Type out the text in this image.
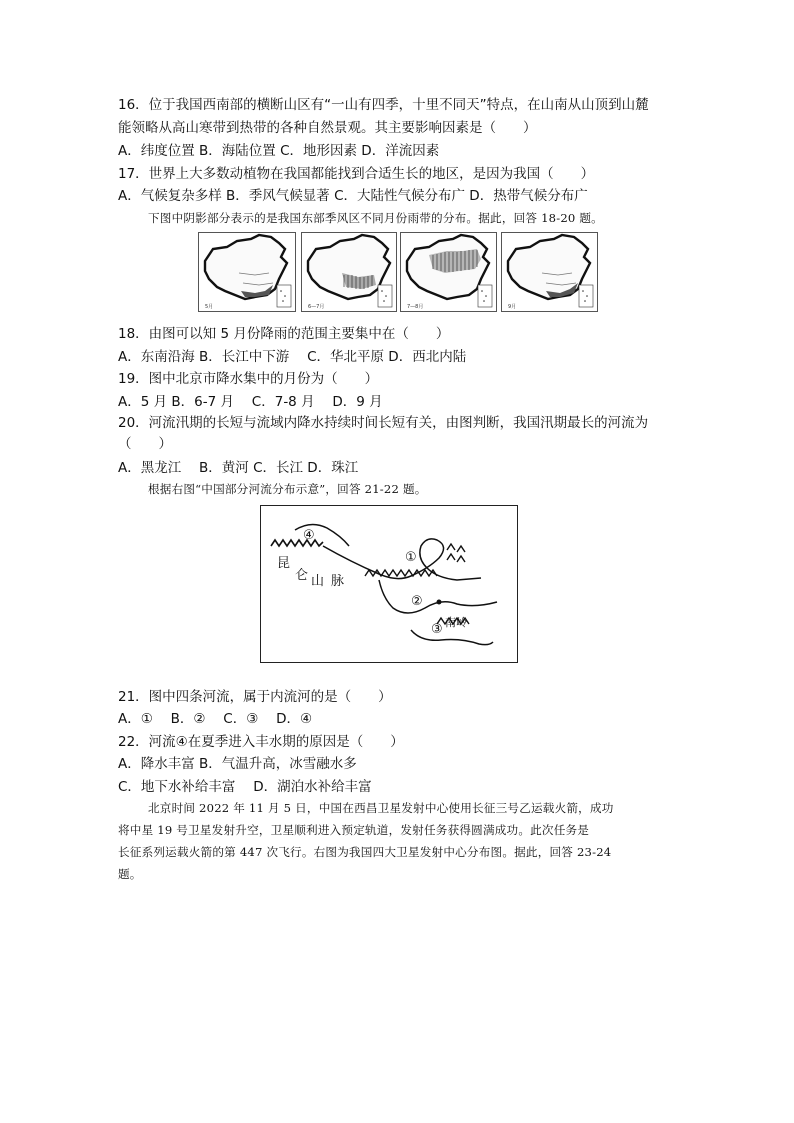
16．位于我国西南部的横断山区有“一山有四季，十里不同天”特点，在山南从山顶到山麓
能领略从高山寒带到热带的各种自然景观。其主要影响因素是（　　）
A．纬度位置 B．海陆位置 C．地形因素 D．洋流因素
17．世界上大多数动植物在我国都能找到合适生长的地区，是因为我国（　　）
A．气候复杂多样 B．季风气候显著 C．大陆性气候分布广 D．热带气候分布广
下图中阴影部分表示的是我国东部季风区不同月份雨带的分布。据此，回答 18-20 题。
5月	6—7月	7—8月	9月
18．由图可以知 5 月份降雨的范围主要集中在（　　）
A．东南沿海 B．长江中下游　 C．华北平原 D．西北内陆
19．图中北京市降水集中的月份为（　　）
A．5 月 B．6-7 月　 C．7-8 月　 D．9 月
20．河流汛期的长短与流域内降水持续时间长短有关，由图判断，我国汛期最长的河流为
（　　）
A．黑龙江　 B．黄河 C．长江 D．珠江
根据右图“中国部分河流分布示意”，回答 21-22 题。
④
①
②
③
昆
仑 山 脉
南岭
21．图中四条河流，属于内流河的是（　　）
A．①　 B．②　 C．③　 D．④
22．河流④在夏季进入丰水期的原因是（　　）
A．降水丰富 B．气温升高，冰雪融水多
C．地下水补给丰富　 D．湖泊水补给丰富
北京时间 2022 年 11 月 5 日，中国在西昌卫星发射中心使用长征三号乙运载火箭，成功
将中星 19 号卫星发射升空，卫星顺利进入预定轨道，发射任务获得圆满成功。此次任务是
长征系列运载火箭的第 447 次飞行。右图为我国四大卫星发射中心分布图。据此，回答 23-24
题。
